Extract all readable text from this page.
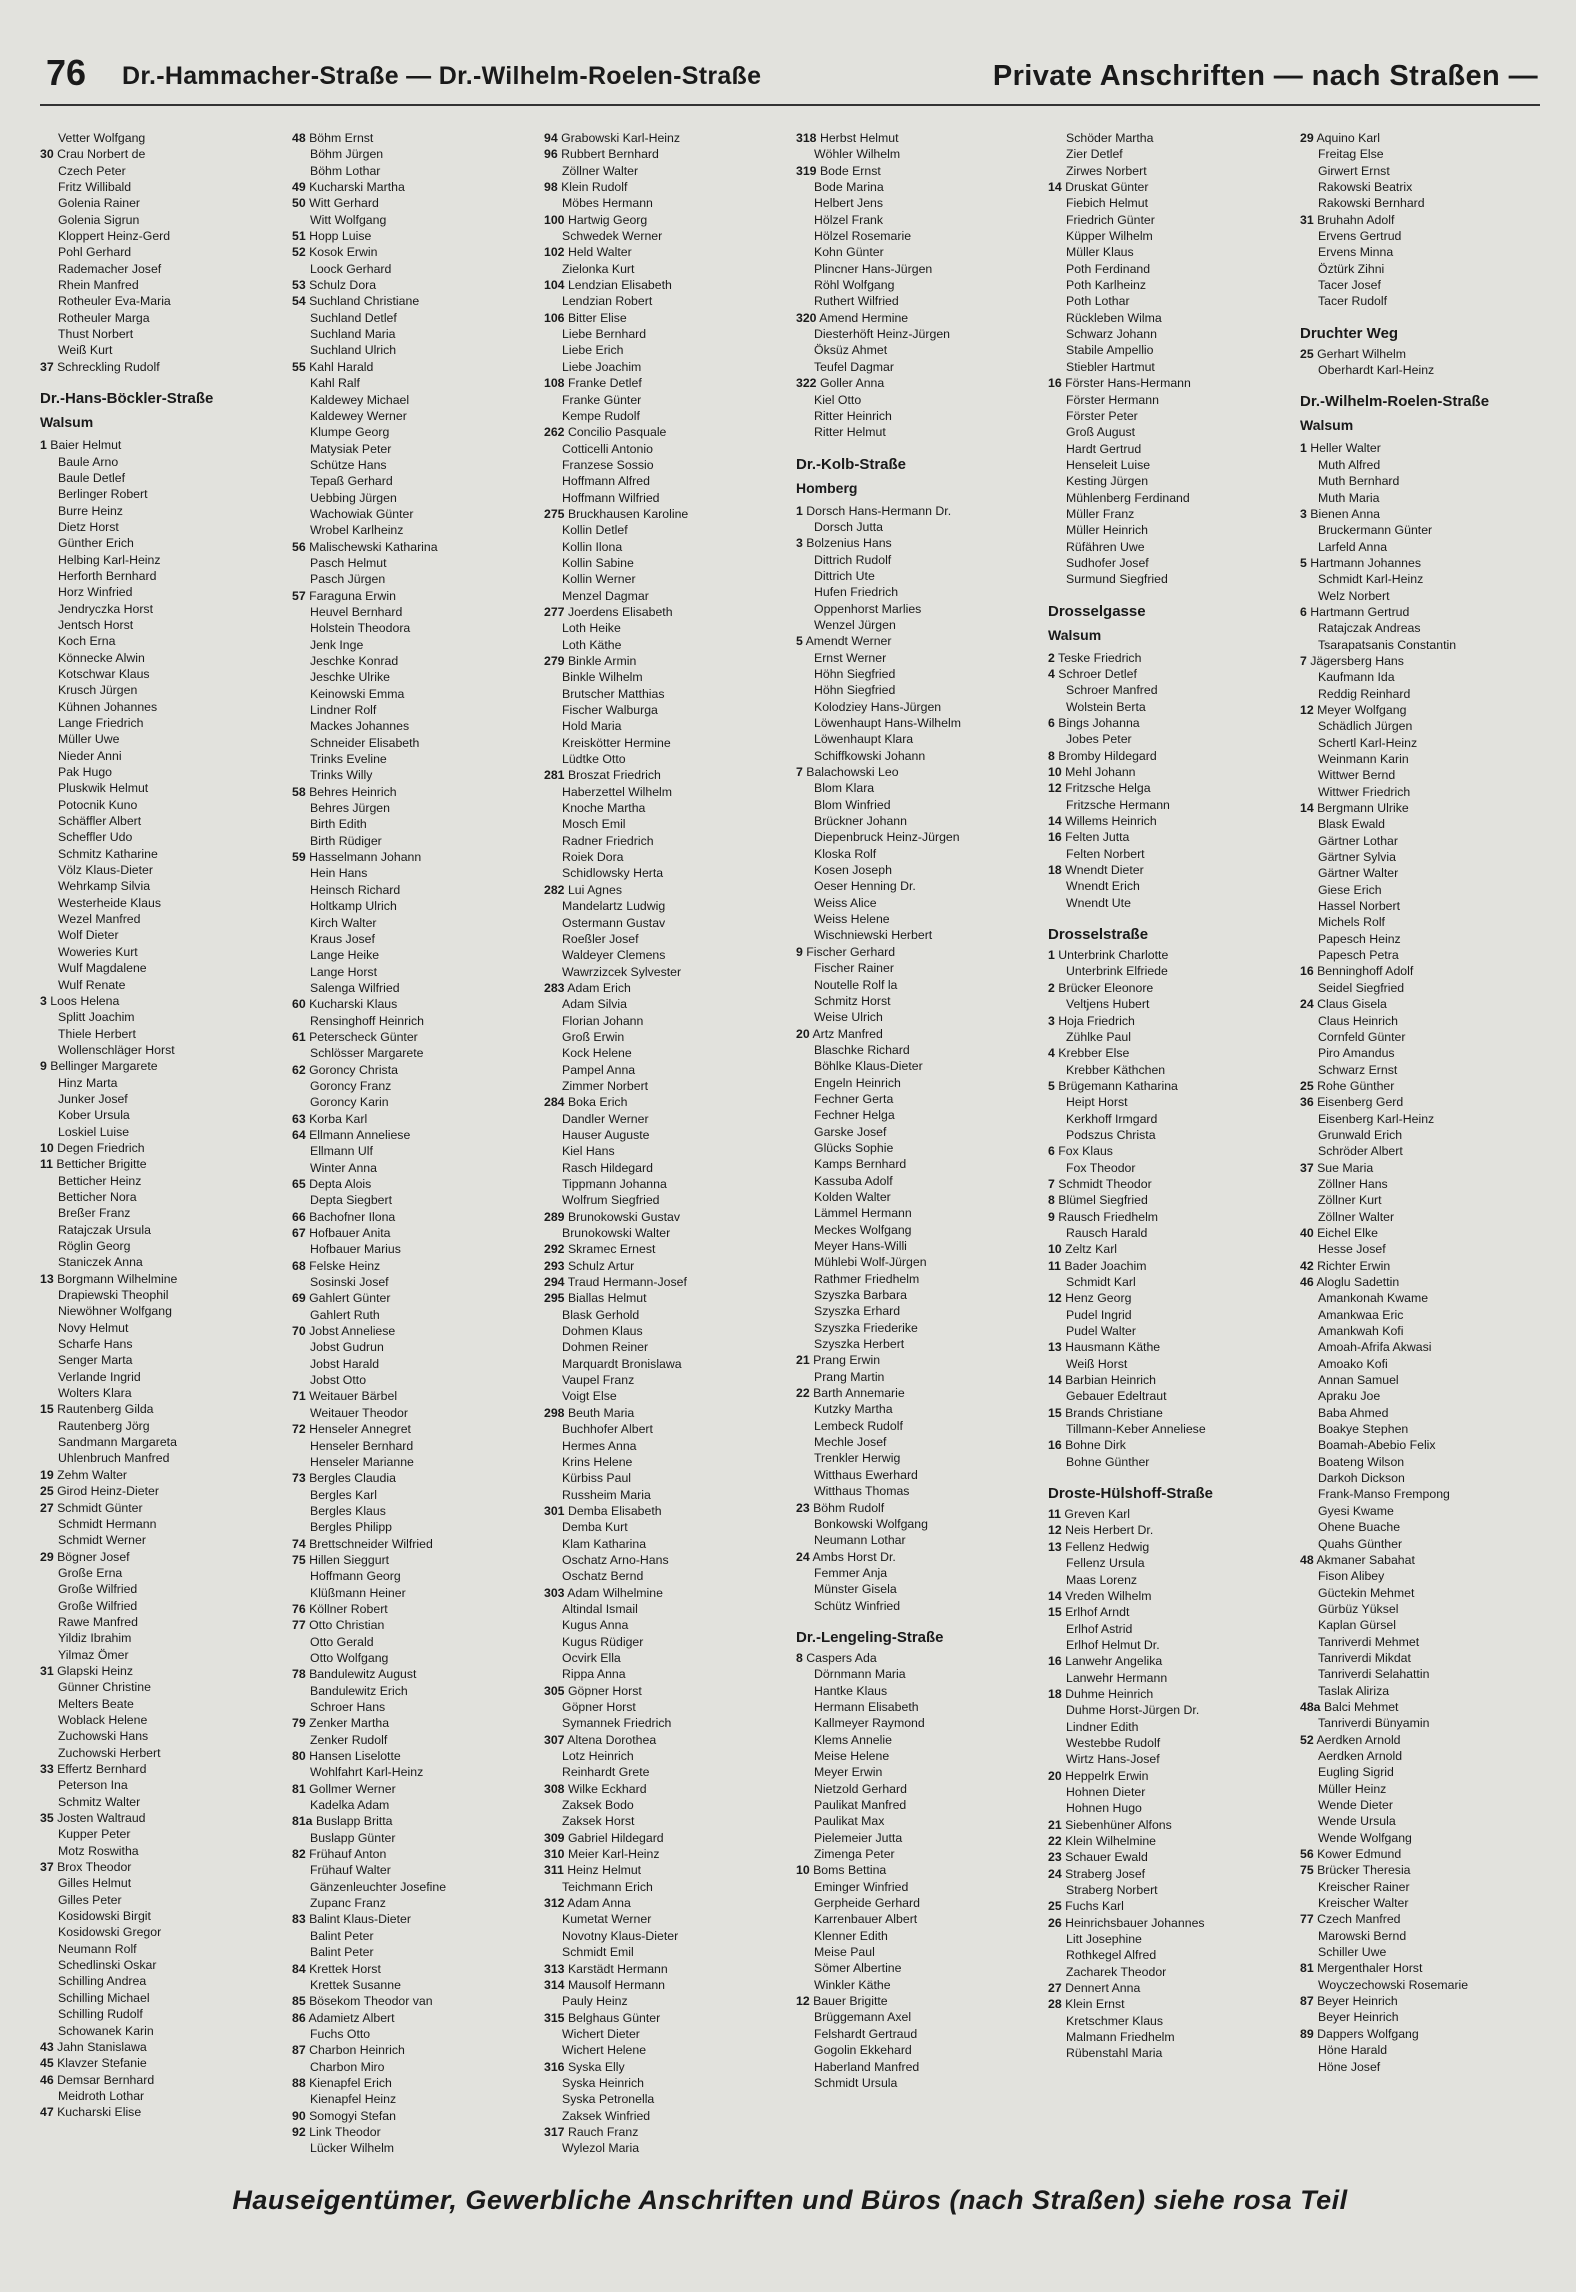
76 Dr.-Hammacher-Straße — Dr.-Wilhelm-Roelen-Straße	Private Anschriften — nach Straßen —
Vetter Wolfgang
30 Crau Norbert de
Czech Peter
Fritz Willibald
Golenia Rainer
Golenia Sigrun
Kloppert Heinz-Gerd
Pohl Gerhard
Rademacher Josef
Rhein Manfred
Rotheuler Eva-Maria
Rotheuler Marga
Thust Norbert
Weiß Kurt
37 Schreckling Rudolf
Dr.-Hans-Böckler-Straße
Walsum
1 Baier Helmut
Baule Arno
Baule Detlef
Berlinger Robert
Burre Heinz
Dietz Horst
Günther Erich
Helbing Karl-Heinz
Herforth Bernhard
Horz Winfried
Jendryczka Horst
Jentsch Horst
Koch Erna
Könnecke Alwin
Kotschwar Klaus
Krusch Jürgen
Kühnen Johannes
Lange Friedrich
Müller Uwe
Nieder Anni
Pak Hugo
Pluskwik Helmut
Potocnik Kuno
Schäffler Albert
Scheffler Udo
Schmitz Katharine
Völz Klaus-Dieter
Wehrkamp Silvia
Westerheide Klaus
Wezel Manfred
Wolf Dieter
Woweries Kurt
Wulf Magdalene
Wulf Renate
3 Loos Helena
Splitt Joachim
Thiele Herbert
Wollenschläger Horst
9 Bellinger Margarete
Hinz Marta
Junker Josef
Kober Ursula
Loskiel Luise
10 Degen Friedrich
11 Betticher Brigitte
Betticher Heinz
Betticher Nora
Breßer Franz
Ratajczak Ursula
Röglin Georg
Staniczek Anna
13 Borgmann Wilhelmine
Drapiewski Theophil
Niewöhner Wolfgang
Novy Helmut
Scharfe Hans
Senger Marta
Verlande Ingrid
Wolters Klara
15 Rautenberg Gilda
Rautenberg Jörg
Sandmann Margareta
Uhlenbruch Manfred
19 Zehm Walter
25 Girod Heinz-Dieter
27 Schmidt Günter
Schmidt Hermann
Schmidt Werner
29 Bögner Josef
Große Erna
Große Wilfried
Große Wilfried
Rawe Manfred
Yildiz Ibrahim
Yilmaz Ömer
31 Glapski Heinz
Günner Christine
Melters Beate
Woblack Helene
Zuchowski Hans
Zuchowski Herbert
33 Effertz Bernhard
Peterson Ina
Schmitz Walter
35 Josten Waltraud
Kupper Peter
Motz Roswitha
37 Brox Theodor
Gilles Helmut
Gilles Peter
Kosidowski Birgit
Kosidowski Gregor
Neumann Rolf
Schedlinski Oskar
Schilling Andrea
Schilling Michael
Schilling Rudolf
Schowanek Karin
43 Jahn Stanislawa
45 Klavzer Stefanie
46 Demsar Bernhard
Meidroth Lothar
47 Kucharski Elise
48 Böhm Ernst
Böhm Jürgen
Böhm Lothar
49 Kucharski Martha
50 Witt Gerhard
Witt Wolfgang
51 Hopp Luise
52 Kosok Erwin
Loock Gerhard
53 Schulz Dora
54 Suchland Christiane
Suchland Detlef
Suchland Maria
Suchland Ulrich
55 Kahl Harald
Kahl Ralf
Kaldewey Michael
Kaldewey Werner
Klumpe Georg
Matysiak Peter
Schütze Hans
Tepaß Gerhard
Uebbing Jürgen
Wachowiak Günter
Wrobel Karlheinz
56 Malischewski Katharina
Pasch Helmut
Pasch Jürgen
57 Faraguna Erwin
Heuvel Bernhard
Holstein Theodora
Jenk Inge
Jeschke Konrad
Jeschke Ulrike
Keinowski Emma
Lindner Rolf
Mackes Johannes
Schneider Elisabeth
Trinks Eveline
Trinks Willy
58 Behres Heinrich
Behres Jürgen
Birth Edith
Birth Rüdiger
59 Hasselmann Johann
Hein Hans
Heinsch Richard
Holtkamp Ulrich
Kirch Walter
Kraus Josef
Lange Heike
Lange Horst
Salenga Wilfried
60 Kucharski Klaus
Rensinghoff Heinrich
61 Peterscheck Günter
Schlösser Margarete
62 Goroncy Christa
Goroncy Franz
Goroncy Karin
63 Korba Karl
64 Ellmann Anneliese
Ellmann Ulf
Winter Anna
65 Depta Alois
Depta Siegbert
66 Bachofner Ilona
67 Hofbauer Anita
Hofbauer Marius
68 Felske Heinz
Sosinski Josef
69 Gahlert Günter
Gahlert Ruth
70 Jobst Anneliese
Jobst Gudrun
Jobst Harald
Jobst Otto
71 Weitauer Bärbel
Weitauer Theodor
72 Henseler Annegret
Henseler Bernhard
Henseler Marianne
73 Bergles Claudia
Bergles Karl
Bergles Klaus
Bergles Philipp
74 Brettschneider Wilfried
75 Hillen Sieggurt
Hoffmann Georg
Klüßmann Heiner
76 Köllner Robert
77 Otto Christian
Otto Gerald
Otto Wolfgang
78 Bandulewitz August
Bandulewitz Erich
Schroer Hans
79 Zenker Martha
Zenker Rudolf
80 Hansen Liselotte
Wohlfahrt Karl-Heinz
81 Gollmer Werner
Kadelka Adam
81a Buslapp Britta
Buslapp Günter
82 Frühauf Anton
Frühauf Walter
Gänzenleuchter Josefine
Zupanc Franz
83 Balint Klaus-Dieter
Balint Peter
Balint Peter
84 Krettek Horst
Krettek Susanne
85 Bösekom Theodor van
86 Adamietz Albert
Fuchs Otto
87 Charbon Heinrich
Charbon Miro
88 Kienapfel Erich
Kienapfel Heinz
90 Somogyi Stefan
92 Link Theodor
Lücker Wilhelm
94 Grabowski Karl-Heinz
96 Rubbert Bernhard
Zöllner Walter
98 Klein Rudolf
Möbes Hermann
100 Hartwig Georg
Schwedek Werner
102 Held Walter
Zielonka Kurt
104 Lendzian Elisabeth
Lendzian Robert
106 Bitter Elise
Liebe Bernhard
Liebe Erich
Liebe Joachim
108 Franke Detlef
Franke Günter
Kempe Rudolf
262 Concilio Pasquale
Cotticelli Antonio
Franzese Sossio
Hoffmann Alfred
Hoffmann Wilfried
275 Bruckhausen Karoline
Kollin Detlef
Kollin Ilona
Kollin Sabine
Kollin Werner
Menzel Dagmar
277 Joerdens Elisabeth
Loth Heike
Loth Käthe
279 Binkle Armin
Binkle Wilhelm
Brutscher Matthias
Fischer Walburga
Hold Maria
Kreiskötter Hermine
Lüdtke Otto
281 Broszat Friedrich
Haberzettel Wilhelm
Knoche Martha
Mosch Emil
Radner Friedrich
Roiek Dora
Schidlowsky Herta
282 Lui Agnes
Mandelartz Ludwig
Ostermann Gustav
Roeßler Josef
Waldeyer Clemens
Wawrzizcek Sylvester
283 Adam Erich
Adam Silvia
Florian Johann
Groß Erwin
Kock Helene
Pampel Anna
Zimmer Norbert
284 Boka Erich
Dandler Werner
Hauser Auguste
Kiel Hans
Rasch Hildegard
Tippmann Johanna
Wolfrum Siegfried
289 Brunokowski Gustav
Brunokowski Walter
292 Skramec Ernest
293 Schulz Artur
294 Traud Hermann-Josef
295 Biallas Helmut
Blask Gerhold
Dohmen Klaus
Dohmen Reiner
Marquardt Bronislawa
Vaupel Franz
Voigt Else
298 Beuth Maria
Buchhofer Albert
Hermes Anna
Krins Helene
Kürbiss Paul
Russheim Maria
301 Demba Elisabeth
Demba Kurt
Klam Katharina
Oschatz Arno-Hans
Oschatz Bernd
303 Adam Wilhelmine
Altindal Ismail
Kugus Anna
Kugus Rüdiger
Ocvirk Ella
Rippa Anna
305 Göpner Horst
Göpner Horst
Symannek Friedrich
307 Altena Dorothea
Lotz Heinrich
Reinhardt Grete
308 Wilke Eckhard
Zaksek Bodo
Zaksek Horst
309 Gabriel Hildegard
310 Meier Karl-Heinz
311 Heinz Helmut
Teichmann Erich
312 Adam Anna
Kumetat Werner
Novotny Klaus-Dieter
Schmidt Emil
313 Karstädt Hermann
314 Mausolf Hermann
Pauly Heinz
315 Belghaus Günter
Wichert Dieter
Wichert Helene
316 Syska Elly
Syska Heinrich
Syska Petronella
Zaksek Winfried
317 Rauch Franz
Wylezol Maria
318 Herbst Helmut
Wöhler Wilhelm
319 Bode Ernst
Bode Marina
Helbert Jens
Hölzel Frank
Hölzel Rosemarie
Kohn Günter
Plincner Hans-Jürgen
Röhl Wolfgang
Ruthert Wilfried
320 Amend Hermine
Diesterhöft Heinz-Jürgen
Öksüz Ahmet
Teufel Dagmar
322 Goller Anna
Kiel Otto
Ritter Heinrich
Ritter Helmut
Dr.-Kolb-Straße
Homberg
1 Dorsch Hans-Hermann Dr.
Dorsch Jutta
3 Bolzenius Hans
Dittrich Rudolf
Dittrich Ute
Hufen Friedrich
Oppenhorst Marlies
Wenzel Jürgen
5 Amendt Werner
Ernst Werner
Höhn Siegfried
Höhn Siegfried
Kolodziey Hans-Jürgen
Löwenhaupt Hans-Wilhelm
Löwenhaupt Klara
Schiffkowski Johann
7 Balachowski Leo
Blom Klara
Blom Winfried
Brückner Johann
Diepenbruck Heinz-Jürgen
Kloska Rolf
Kosen Joseph
Oeser Henning Dr.
Weiss Alice
Weiss Helene
Wischniewski Herbert
9 Fischer Gerhard
Fischer Rainer
Noutelle Rolf la
Schmitz Horst
Weise Ulrich
20 Artz Manfred
Blaschke Richard
Böhlke Klaus-Dieter
Engeln Heinrich
Fechner Gerta
Fechner Helga
Garske Josef
Glücks Sophie
Kamps Bernhard
Kassuba Adolf
Kolden Walter
Lämmel Hermann
Meckes Wolfgang
Meyer Hans-Willi
Mühlebi Wolf-Jürgen
Rathmer Friedhelm
Szyszka Barbara
Szyszka Erhard
Szyszka Friederike
Szyszka Herbert
21 Prang Erwin
Prang Martin
22 Barth Annemarie
Kutzky Martha
Lembeck Rudolf
Mechle Josef
Trenkler Herwig
Witthaus Ewerhard
Witthaus Thomas
23 Böhm Rudolf
Bonkowski Wolfgang
Neumann Lothar
24 Ambs Horst Dr.
Femmer Anja
Münster Gisela
Schütz Winfried
Dr.-Lengeling-Straße
8 Caspers Ada
Dörnmann Maria
Hantke Klaus
Hermann Elisabeth
Kallmeyer Raymond
Klems Annelie
Meise Helene
Meyer Erwin
Nietzold Gerhard
Paulikat Manfred
Paulikat Max
Pielemeier Jutta
Zimenga Peter
10 Boms Bettina
Eminger Winfried
Gerpheide Gerhard
Karrenbauer Albert
Klenner Edith
Meise Paul
Sömer Albertine
Winkler Käthe
12 Bauer Brigitte
Brüggemann Axel
Felshardt Gertraud
Gogolin Ekkehard
Haberland Manfred
Schmidt Ursula
Schöder Martha
Zier Detlef
Zirwes Norbert
14 Druskat Günter
Fiebich Helmut
Friedrich Günter
Küpper Wilhelm
Müller Klaus
Poth Ferdinand
Poth Karlheinz
Poth Lothar
Rückleben Wilma
Schwarz Johann
Stabile Ampellio
Stiebler Hartmut
16 Förster Hans-Hermann
Förster Hermann
Förster Peter
Groß August
Hardt Gertrud
Henseleit Luise
Kesting Jürgen
Mühlenberg Ferdinand
Müller Franz
Müller Heinrich
Rüfähren Uwe
Sudhofer Josef
Surmund Siegfried
Drosselgasse
Walsum
2 Teske Friedrich
4 Schroer Detlef
Schroer Manfred
Wolstein Berta
6 Bings Johanna
Jobes Peter
8 Bromby Hildegard
10 Mehl Johann
12 Fritzsche Helga
Fritzsche Hermann
14 Willems Heinrich
16 Felten Jutta
Felten Norbert
18 Wnendt Dieter
Wnendt Erich
Wnendt Ute
Drosselstraße
1 Unterbrink Charlotte
Unterbrink Elfriede
2 Brücker Eleonore
Veltjens Hubert
3 Hoja Friedrich
Zühlke Paul
4 Krebber Else
Krebber Käthchen
5 Brügemann Katharina
Heipt Horst
Kerkhoff Irmgard
Podszus Christa
6 Fox Klaus
Fox Theodor
7 Schmidt Theodor
8 Blümel Siegfried
9 Rausch Friedhelm
Rausch Harald
10 Zeltz Karl
11 Bader Joachim
Schmidt Karl
12 Henz Georg
Pudel Ingrid
Pudel Walter
13 Hausmann Käthe
Weiß Horst
14 Barbian Heinrich
Gebauer Edeltraut
15 Brands Christiane
Tillmann-Keber Anneliese
16 Bohne Dirk
Bohne Günther
Droste-Hülshoff-Straße
11 Greven Karl
12 Neis Herbert Dr.
13 Fellenz Hedwig
Fellenz Ursula
Maas Lorenz
14 Vreden Wilhelm
15 Erlhof Arndt
Erlhof Astrid
Erlhof Helmut Dr.
16 Lanwehr Angelika
Lanwehr Hermann
18 Duhme Heinrich
Duhme Horst-Jürgen Dr.
Lindner Edith
Westebbe Rudolf
Wirtz Hans-Josef
20 Heppelrk Erwin
Hohnen Dieter
Hohnen Hugo
21 Siebenhüner Alfons
22 Klein Wilhelmine
23 Schauer Ewald
24 Straberg Josef
Straberg Norbert
25 Fuchs Karl
26 Heinrichsbauer Johannes
Litt Josephine
Rothkegel Alfred
Zacharek Theodor
27 Dennert Anna
28 Klein Ernst
Kretschmer Klaus
Malmann Friedhelm
Rübenstahl Maria
29 Aquino Karl
Freitag Else
Girwert Ernst
Rakowski Beatrix
Rakowski Bernhard
31 Bruhahn Adolf
Ervens Gertrud
Ervens Minna
Öztürk Zihni
Tacer Josef
Tacer Rudolf
Druchter Weg
25 Gerhart Wilhelm
Oberhardt Karl-Heinz
Dr.-Wilhelm-Roelen-Straße
Walsum
1 Heller Walter
Muth Alfred
Muth Bernhard
Muth Maria
3 Bienen Anna
Bruckermann Günter
Larfeld Anna
5 Hartmann Johannes
Schmidt Karl-Heinz
Welz Norbert
6 Hartmann Gertrud
Ratajczak Andreas
Tsarapatsanis Constantin
7 Jägersberg Hans
Kaufmann Ida
Reddig Reinhard
12 Meyer Wolfgang
Schädlich Jürgen
Schertl Karl-Heinz
Weinmann Karin
Wittwer Bernd
Wittwer Friedrich
14 Bergmann Ulrike
Blask Ewald
Gärtner Lothar
Gärtner Sylvia
Gärtner Walter
Giese Erich
Hassel Norbert
Michels Rolf
Papesch Heinz
Papesch Petra
16 Benninghoff Adolf
Seidel Siegfried
24 Claus Gisela
Claus Heinrich
Cornfeld Günter
Piro Amandus
Schwarz Ernst
25 Rohe Günther
36 Eisenberg Gerd
Eisenberg Karl-Heinz
Grunwald Erich
Schröder Albert
37 Sue Maria
Zöllner Hans
Zöllner Kurt
Zöllner Walter
40 Eichel Elke
Hesse Josef
42 Richter Erwin
46 Aloglu Sadettin
Amankonah Kwame
Amankwaa Eric
Amankwah Kofi
Amoah-Afrifa Akwasi
Amoako Kofi
Annan Samuel
Apraku Joe
Baba Ahmed
Boakye Stephen
Boamah-Abebio Felix
Boateng Wilson
Darkoh Dickson
Frank-Manso Frempong
Gyesi Kwame
Ohene Buache
Quahs Günther
48 Akmaner Sabahat
Fison Alibey
Güctekin Mehmet
Gürbüz Yüksel
Kaplan Gürsel
Tanriverdi Mehmet
Tanriverdi Mikdat
Tanriverdi Selahattin
Taslak Aliriza
48a Balci Mehmet
Tanriverdi Bünyamin
52 Aerdken Arnold
Aerdken Arnold
Eugling Sigrid
Müller Heinz
Wende Dieter
Wende Ursula
Wende Wolfgang
56 Kower Edmund
75 Brücker Theresia
Kreischer Rainer
Kreischer Walter
77 Czech Manfred
Marowski Bernd
Schiller Uwe
81 Mergenthaler Horst
Woyczechowski Rosemarie
87 Beyer Heinrich
Beyer Heinrich
89 Dappers Wolfgang
Höne Harald
Höne Josef
Hauseigentümer, Gewerbliche Anschriften und Büros (nach Straßen) siehe rosa Teil
